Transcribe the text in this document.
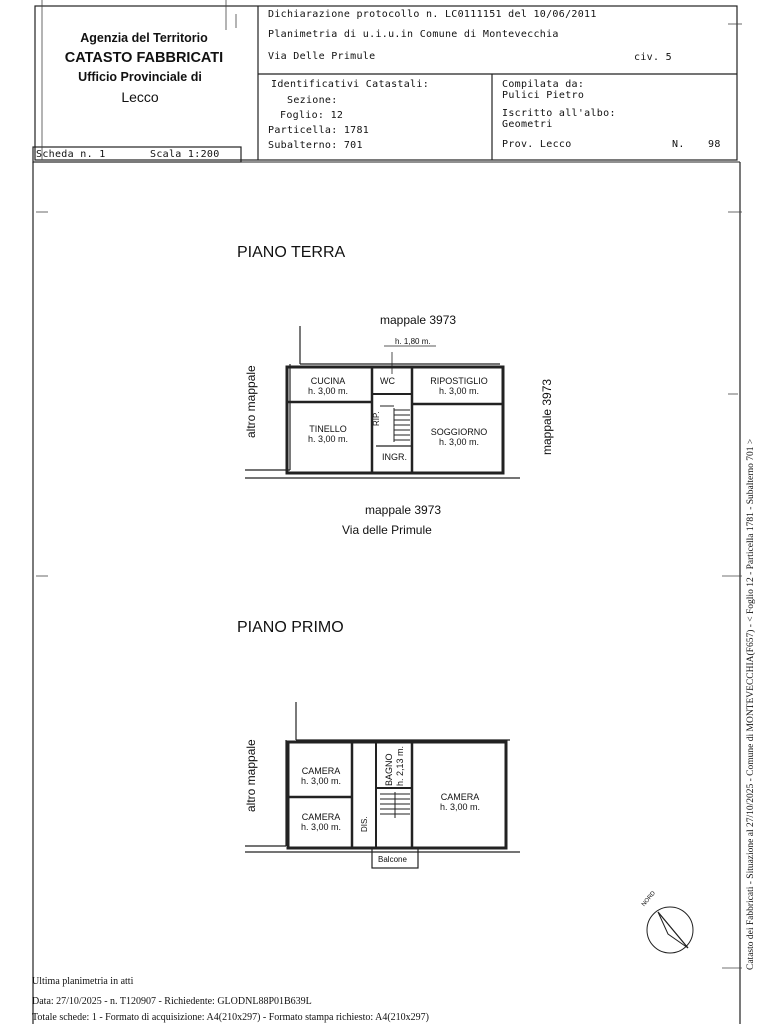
Agenzia del Territorio
CATASTO FABBRICATI
Ufficio Provinciale di
Lecco
Dichiarazione protocollo n. LC0111151 del 10/06/2011
Planimetria di u.i.u.in Comune di Montevecchia
Via Delle Primule	civ. 5
Identificativi Catastali:
Sezione:
Foglio: 12
Particella: 1781
Subalterno: 701
Compilata da:
Pulici Pietro
Iscritto all'albo:
Geometri
Prov. Lecco	N. 98
Scheda n. 1	Scala 1:200
PIANO TERRA
mappale 3973
mappale 3973
Via delle Primule
h. 1,80 m.
CUCINA
h. 3,00 m.
WC	RIPOSTIGLIO
h. 3,00 m.
TINELLO
h. 3,00 m.
RIP.
SOGGIORNO
h. 3,00 m.
INGR.
altro mappale	mappale 3973
PIANO PRIMO
CAMERA
h. 3,00 m.	BAGNO h. 2,13 m.
CAMERA
h. 3,00 m.	DIS.
CAMERA
h. 3,00 m.
Balcone
altro mappale
NORD	Catasto dei Fabbricati - Situazione al 27/10/2025 - Comune di MONTEVECCHIA(F657) - < Foglio 12 - Particella 1781 - Subalterno 701 >
Ultima planimetria in atti
Data: 27/10/2025 - n. T120907 - Richiedente: GLODNL88P01B639L
Totale schede: 1 - Formato di acquisizione: A4(210x297) - Formato stampa richiesto: A4(210x297)
